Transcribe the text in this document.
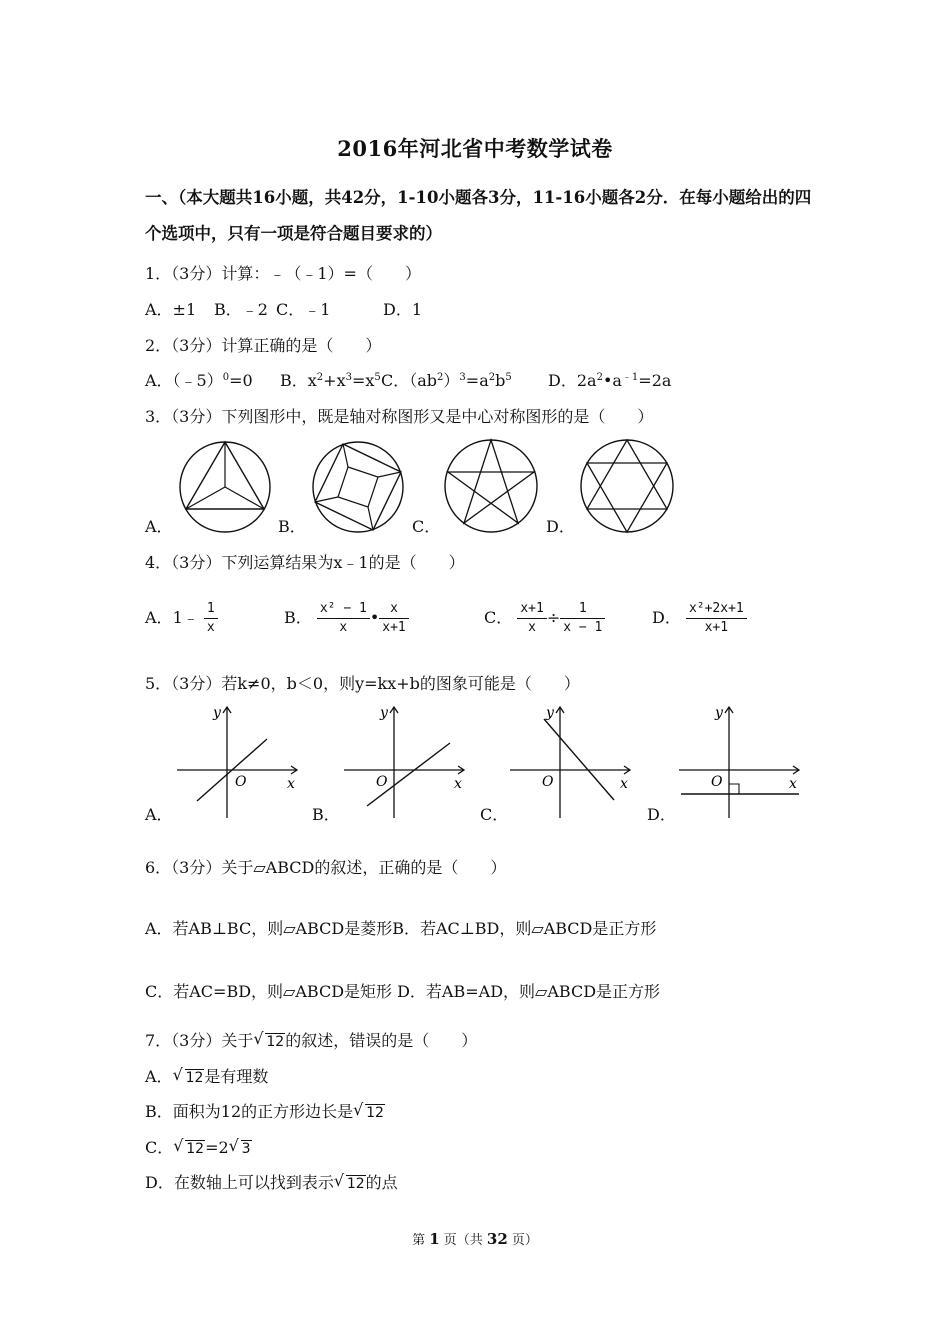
2016年河北省中考数学试卷
一、（本大题共16小题，共42分，1-10小题各3分，11-16小题各2分．在每小题给出的四个选项中，只有一项是符合题目要求的）
1．（3分）计算：﹣（﹣1）=（　　）
A．±1 B．﹣2 C．﹣1	D．1
2．（3分）计算正确的是（　　）
A．（﹣5）$^0$=0 B．$x^2+x^3=x^5$ C．$(ab^2)^3=a^2b^5$ D．$2a^2•a^{﹣1}=2a$
3．（3分）下列图形中，既是轴对称图形又是中心对称图形的是（　　）
A．	B．	C．	D．
4．（3分）下列运算结果为x﹣1的是（　　）
A．1﹣ $\frac{1}{x}$	B． $\frac{\text{x² − 1}}{x}$ • $\frac{x}{x+1}$	C． $\frac{x+1}{x} \div \frac{1}{x - 1}$	D． $\frac{\text{x²+2x+1}}{x+1}$
5．（3分）若k≠0，b＜0，则y=kx+b的图象可能是（　　）
A．
y
x
O
B．
y
x
O
C．
y
x
O
D．
y
x
O
6．（3分）关于▱ABCD的叙述，正确的是（　　）
A．若AB⊥BC，则▱ABCD是菱形B．若AC⊥BD，则▱ABCD是正方形
C．若AC=BD，则▱ABCD是矩形 D．若AB=AD，则▱ABCD是正方形
7．（3分）关于 √ 12的叙述，错误的是（　　）
A． √ 12是有理数
B．面积为12的正方形边长是 √ 12
C． √ 12=2 √ 3
D．在数轴上可以找到表示 √ 12的点
第 1 页（共 32 页）
